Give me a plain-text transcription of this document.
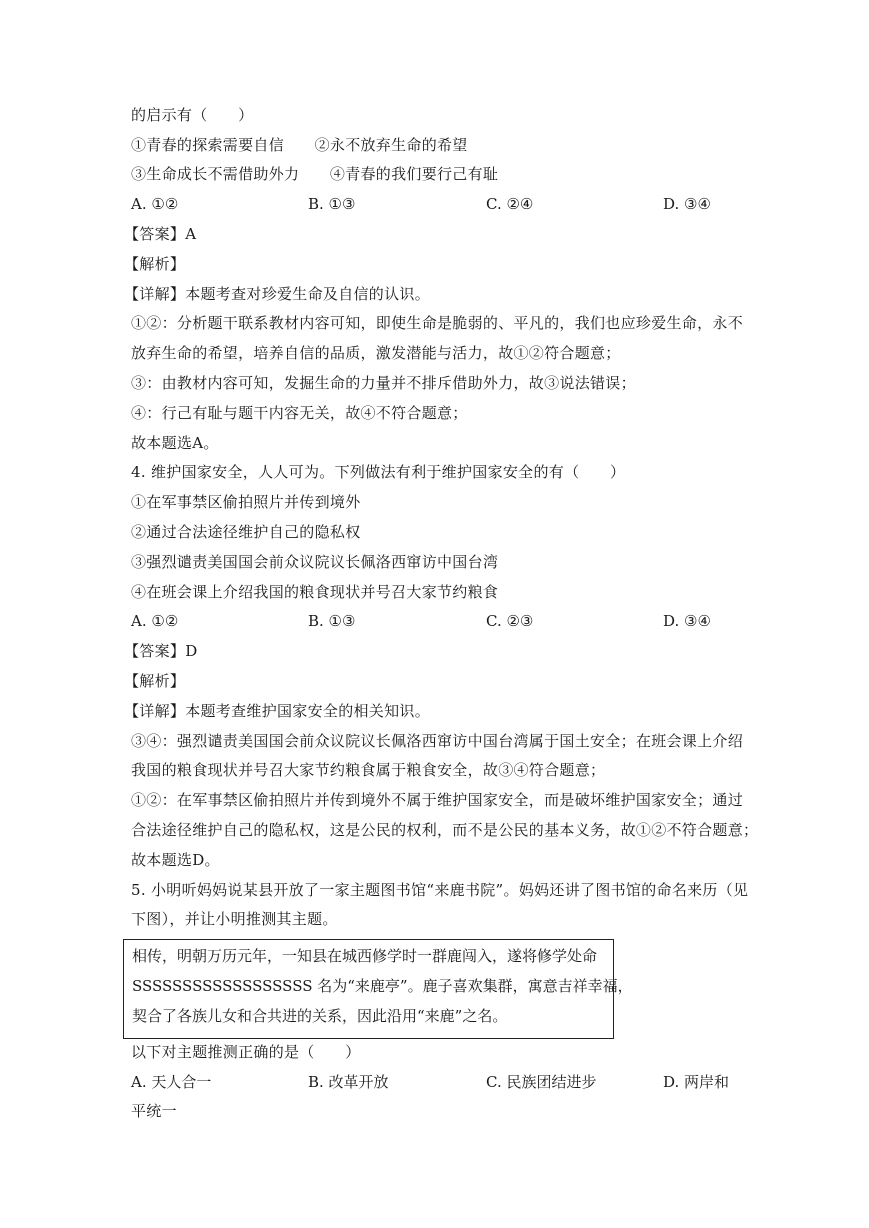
的启示有（　　）
①青春的探索需要自信　　②永不放弃生命的希望
③生命成长不需借助外力　　④青春的我们要行己有耻
A. ①②	B. ①③	C. ②④	D. ③④
【答案】A
【解析】
【详解】本题考查对珍爱生命及自信的认识。
①②：分析题干联系教材内容可知，即使生命是脆弱的、平凡的，我们也应珍爱生命，永不
放弃生命的希望，培养自信的品质，激发潜能与活力，故①②符合题意；
③：由教材内容可知，发掘生命的力量并不排斥借助外力，故③说法错误；
④：行己有耻与题干内容无关，故④不符合题意；
故本题选A。
4. 维护国家安全，人人可为。下列做法有利于维护国家安全的有（　　）
①在军事禁区偷拍照片并传到境外
②通过合法途径维护自己的隐私权
③强烈谴责美国国会前众议院议长佩洛西窜访中国台湾
④在班会课上介绍我国的粮食现状并号召大家节约粮食
A. ①②	B. ①③	C. ②③	D. ③④
【答案】D
【解析】
【详解】本题考查维护国家安全的相关知识。
③④：强烈谴责美国国会前众议院议长佩洛西窜访中国台湾属于国土安全；在班会课上介绍
我国的粮食现状并号召大家节约粮食属于粮食安全，故③④符合题意；
①②：在军事禁区偷拍照片并传到境外不属于维护国家安全，而是破坏维护国家安全；通过
合法途径维护自己的隐私权，这是公民的权利，而不是公民的基本义务，故①②不符合题意；
故本题选D。
5. 小明听妈妈说某县开放了一家主题图书馆“来鹿书院”。妈妈还讲了图书馆的命名来历（见
下图），并让小明推测其主题。
相传，明朝万历元年，一知县在城西修学时一群鹿闯入，遂将修学处命
SSSSSSSSSSSSSSSSSS 名为“来鹿亭”。鹿子喜欢集群，寓意吉祥幸福，
契合了各族儿女和合共进的关系，因此沿用“来鹿”之名。
以下对主题推测正确的是（　　）
A. 天人合一	B. 改革开放	C. 民族团结进步	D. 两岸和
平统一
